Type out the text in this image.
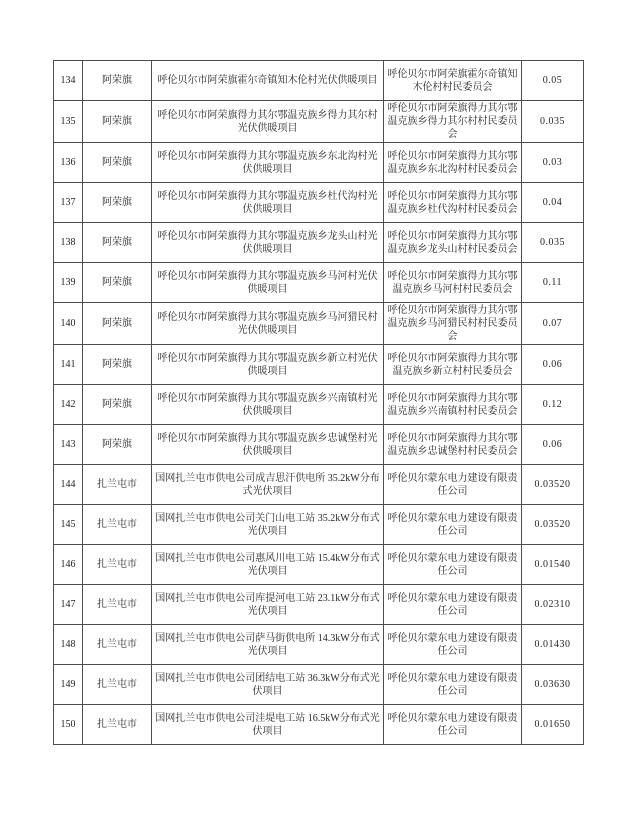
134	阿荣旗	呼伦贝尔市阿荣旗霍尔奇镇知木伦村光伏供暖项目	呼伦贝尔市阿荣旗霍尔奇镇知木伦村村民委员会	0.05
135	阿荣旗	呼伦贝尔市阿荣旗得力其尔鄂温克族乡得力其尔村光伏供暖项目	呼伦贝尔市阿荣旗得力其尔鄂温克族乡得力其尔村村民委员会	0.035
136	阿荣旗	呼伦贝尔市阿荣旗得力其尔鄂温克族乡东北沟村光伏供暖项目	呼伦贝尔市阿荣旗得力其尔鄂温克族乡东北沟村村民委员会	0.03
137	阿荣旗	呼伦贝尔市阿荣旗得力其尔鄂温克族乡杜代沟村光伏供暖项目	呼伦贝尔市阿荣旗得力其尔鄂温克族乡杜代沟村村民委员会	0.04
138	阿荣旗	呼伦贝尔市阿荣旗得力其尔鄂温克族乡龙头山村光伏供暖项目	呼伦贝尔市阿荣旗得力其尔鄂温克族乡龙头山村村民委员会	0.035
139	阿荣旗	呼伦贝尔市阿荣旗得力其尔鄂温克族乡马河村光伏供暖项目	呼伦贝尔市阿荣旗得力其尔鄂温克族乡马河村村民委员会	0.11
140	阿荣旗	呼伦贝尔市阿荣旗得力其尔鄂温克族乡马河猎民村光伏供暖项目	呼伦贝尔市阿荣旗得力其尔鄂温克族乡马河猎民村村民委员会	0.07
141	阿荣旗	呼伦贝尔市阿荣旗得力其尔鄂温克族乡新立村光伏供暖项目	呼伦贝尔市阿荣旗得力其尔鄂温克族乡新立村村民委员会	0.06
142	阿荣旗	呼伦贝尔市阿荣旗得力其尔鄂温克族乡兴南镇村光伏供暖项目	呼伦贝尔市阿荣旗得力其尔鄂温克族乡兴南镇村村民委员会	0.12
143	阿荣旗	呼伦贝尔市阿荣旗得力其尔鄂温克族乡忠诚堡村光伏供暖项目	呼伦贝尔市阿荣旗得力其尔鄂温克族乡忠诚堡村村民委员会	0.06
144	扎兰屯市	国网扎兰屯市供电公司成吉思汗供电所 35.2kW分布式光伏项目	呼伦贝尔蒙东电力建设有限责任公司	0.03520
145	扎兰屯市	国网扎兰屯市供电公司关门山电工站 35.2kW分布式光伏项目	呼伦贝尔蒙东电力建设有限责任公司	0.03520
146	扎兰屯市	国网扎兰屯市供电公司惠风川电工站 15.4kW分布式光伏项目	呼伦贝尔蒙东电力建设有限责任公司	0.01540
147	扎兰屯市	国网扎兰屯市供电公司库提河电工站 23.1kW分布式光伏项目	呼伦贝尔蒙东电力建设有限责任公司	0.02310
148	扎兰屯市	国网扎兰屯市供电公司萨马街供电所 14.3kW分布式光伏项目	呼伦贝尔蒙东电力建设有限责任公司	0.01430
149	扎兰屯市	国网扎兰屯市供电公司团结电工站 36.3kW分布式光伏项目	呼伦贝尔蒙东电力建设有限责任公司	0.03630
150	扎兰屯市	国网扎兰屯市供电公司洼堤电工站 16.5kW分布式光伏项目	呼伦贝尔蒙东电力建设有限责任公司	0.01650
